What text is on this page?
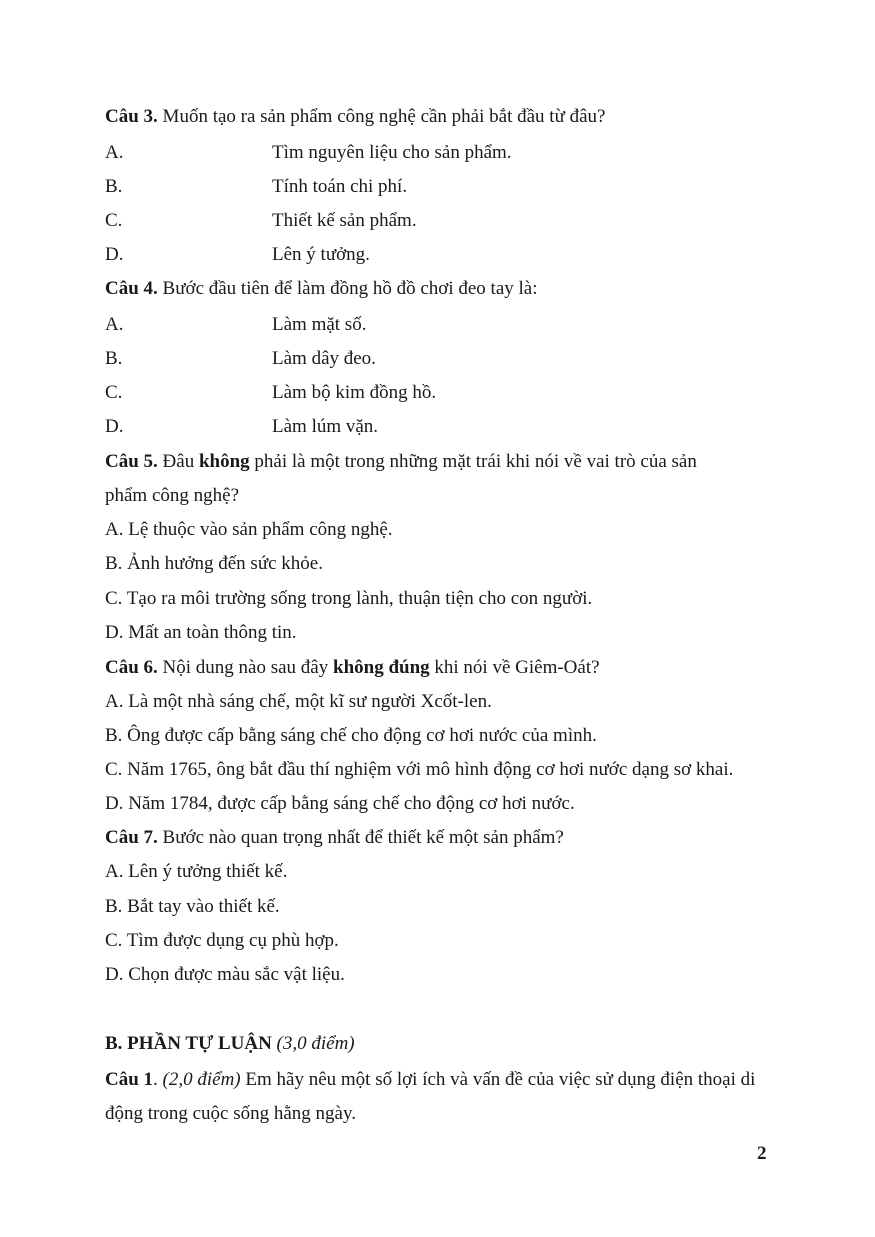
Câu 3. Muốn tạo ra sản phẩm công nghệ cần phải bắt đầu từ đâu?
A.	Tìm nguyên liệu cho sản phẩm.
B.	Tính toán chi phí.
C.	Thiết kế sản phẩm.
D.	Lên ý tưởng.
Câu 4. Bước đầu tiên để làm đồng hồ đồ chơi đeo tay là:
A.	Làm mặt số.
B.	Làm dây đeo.
C.	Làm bộ kim đồng hồ.
D.	Làm lúm vặn.
Câu 5. Đâu không phải là một trong những mặt trái khi nói về vai trò của sản
phẩm công nghệ?
A. Lệ thuộc vào sản phẩm công nghệ.
B. Ảnh hưởng đến sức khỏe.
C. Tạo ra môi trường sống trong lành, thuận tiện cho con người.
D. Mất an toàn thông tin.
Câu 6. Nội dung nào sau đây không đúng khi nói về Giêm-Oát?
A. Là một nhà sáng chế, một kĩ sư người Xcốt-len.
B. Ông được cấp bằng sáng chế cho động cơ hơi nước của mình.
C. Năm 1765, ông bắt đầu thí nghiệm với mô hình động cơ hơi nước dạng sơ khai.
D. Năm 1784, được cấp bằng sáng chế cho động cơ hơi nước.
Câu 7. Bước nào quan trọng nhất để thiết kế một sản phẩm?
A. Lên ý tưởng thiết kế.
B. Bắt tay vào thiết kế.
C. Tìm được dụng cụ phù hợp.
D. Chọn được màu sắc vật liệu.
B. PHẦN TỰ LUẬN (3,0 điểm)
Câu 1. (2,0 điểm) Em hãy nêu một số lợi ích và vấn đề của việc sử dụng điện thoại di
động trong cuộc sống hằng ngày.
2
